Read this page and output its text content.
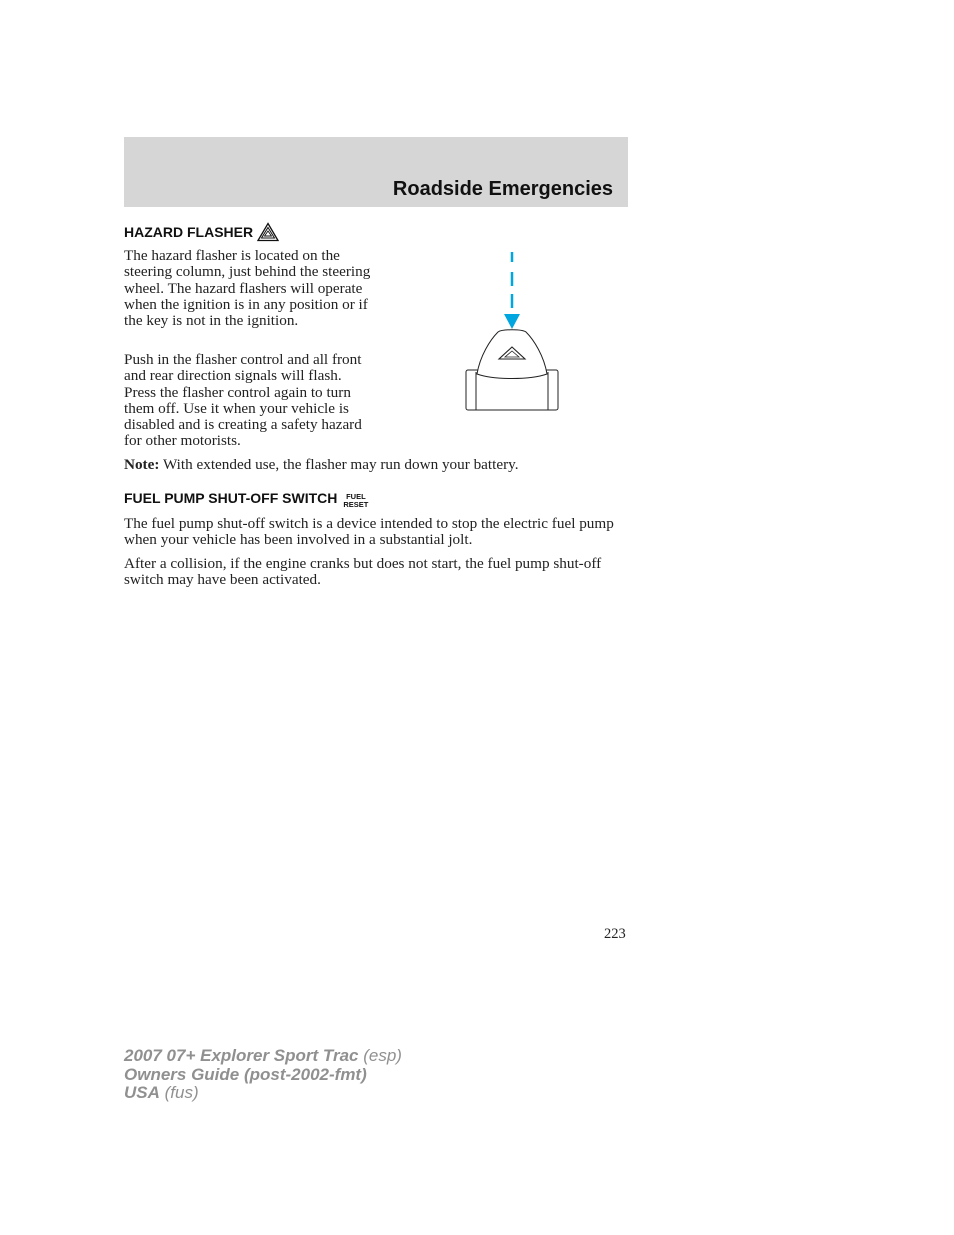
Roadside Emergencies
HAZARD FLASHER
The hazard flasher is located on the steering column, just behind the steering wheel. The hazard flashers will operate when the ignition is in any position or if the key is not in the ignition.
Push in the flasher control and all front and rear direction signals will flash. Press the flasher control again to turn them off. Use it when your vehicle is disabled and is creating a safety hazard for other motorists.
Note: With extended use, the flasher may run down your battery.
FUEL PUMP SHUT-OFF SWITCH	FUEL
RESET
The fuel pump shut-off switch is a device intended to stop the electric fuel pump when your vehicle has been involved in a substantial jolt.
After a collision, if the engine cranks but does not start, the fuel pump shut-off switch may have been activated.
223
2007 07+ Explorer Sport Trac (esp)
Owners Guide (post-2002-fmt)
USA (fus)
